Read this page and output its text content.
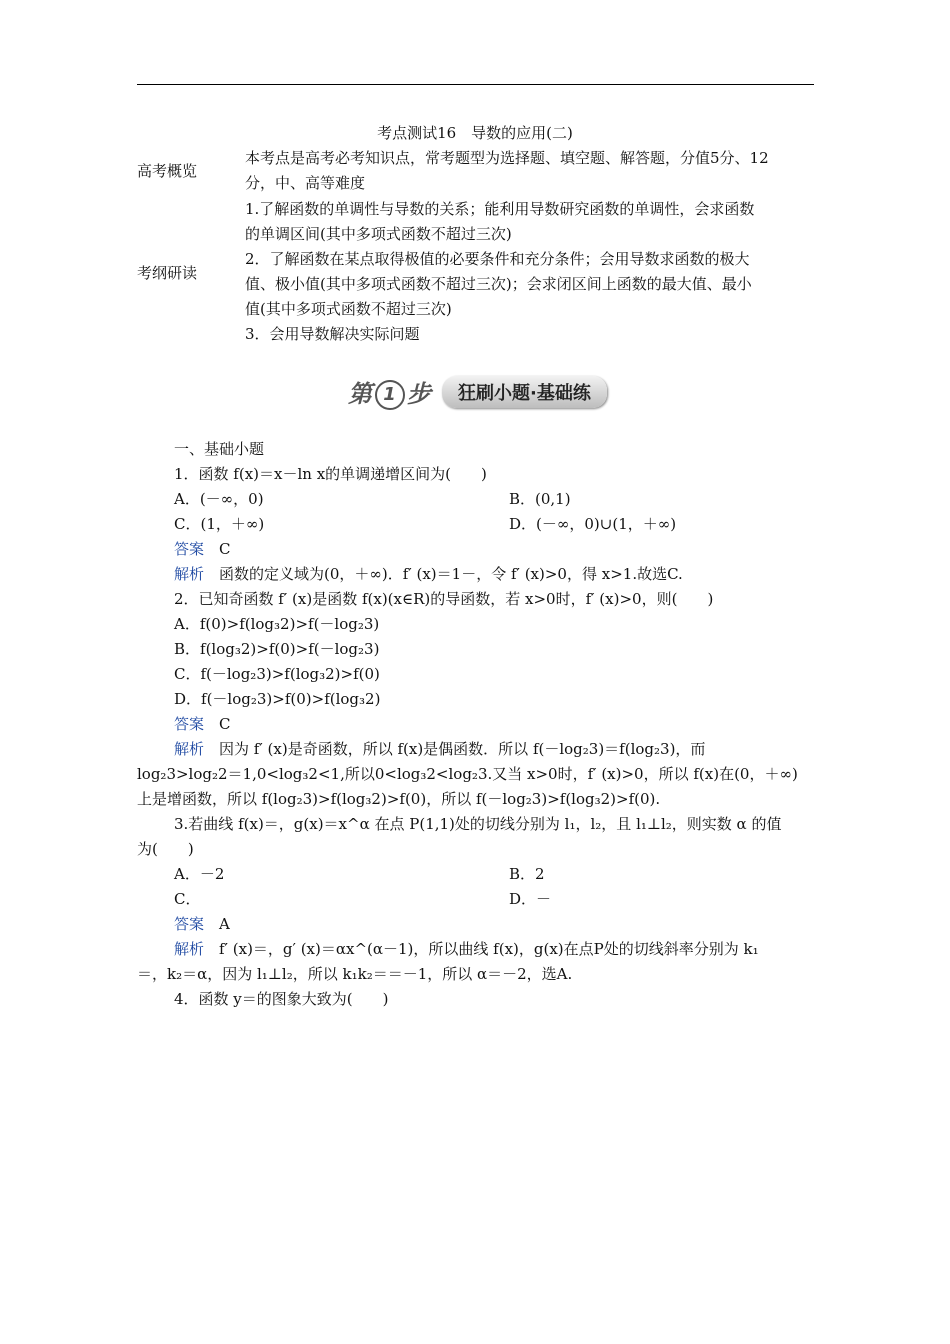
考点测试16　导数的应用(二)
高考概览

本考点是高考必考知识点，常考题型为选择题、填空题、解答题，分值5分、12

分，中、高等难度

考纲研读

1.了解函数的单调性与导数的关系；能利用导数研究函数的单调性，会求函数

的单调区间(其中多项式函数不超过三次)

2．了解函数在某点取得极值的必要条件和充分条件；会用导数求函数的极大

值、极小值(其中多项式函数不超过三次)；会求闭区间上函数的最大值、最小

值(其中多项式函数不超过三次)

3．会用导数解决实际问题

第 1 步	狂刷小题·基础练
一、基础小题
1．函数 f(x)＝x－ln x的单调递增区间为(　　)
A．(－∞，0)	B．(0,1)
C．(1，＋∞)	D．(－∞，0)∪(1，＋∞)
答案　 C
解析　 函数的定义域为(0，＋∞)．f′ (x)＝1－，令 f′ (x)>0，得 x>1.故选C.
2．已知奇函数 f′ (x)是函数 f(x)(x∈R)的导函数，若 x>0时，f′ (x)>0，则(　　)
A．f(0)>f(log₃2)>f(－log₂3)
B．f(log₃2)>f(0)>f(－log₂3)
C．f(－log₂3)>f(log₃2)>f(0)
D．f(－log₂3)>f(0)>f(log₃2)
答案　 C
解析　 因为 f′ (x)是奇函数，所以 f(x)是偶函数．所以 f(－log₂3)＝f(log₂3)，而
log₂3>log₂2＝1,0<log₃2<1,所以0<log₃2<log₂3.又当 x>0时，f′ (x)>0，所以 f(x)在(0，＋∞)
上是增函数，所以 f(log₂3)>f(log₃2)>f(0)，所以 f(－log₂3)>f(log₃2)>f(0).
3.若曲线 f(x)＝，g(x)＝x^α 在点 P(1,1)处的切线分别为 l₁，l₂，且 l₁⊥l₂，则实数 α 的值
为(　　)
A．－2	B．2
C．	D．－
答案　 A
解析　 f′ (x)＝，g′ (x)＝αx^(α－1)，所以曲线 f(x)，g(x)在点P处的切线斜率分别为 k₁
＝，k₂＝α，因为 l₁⊥l₂，所以 k₁k₂＝＝－1，所以 α＝－2，选A.
4．函数 y＝的图象大致为(　　)
